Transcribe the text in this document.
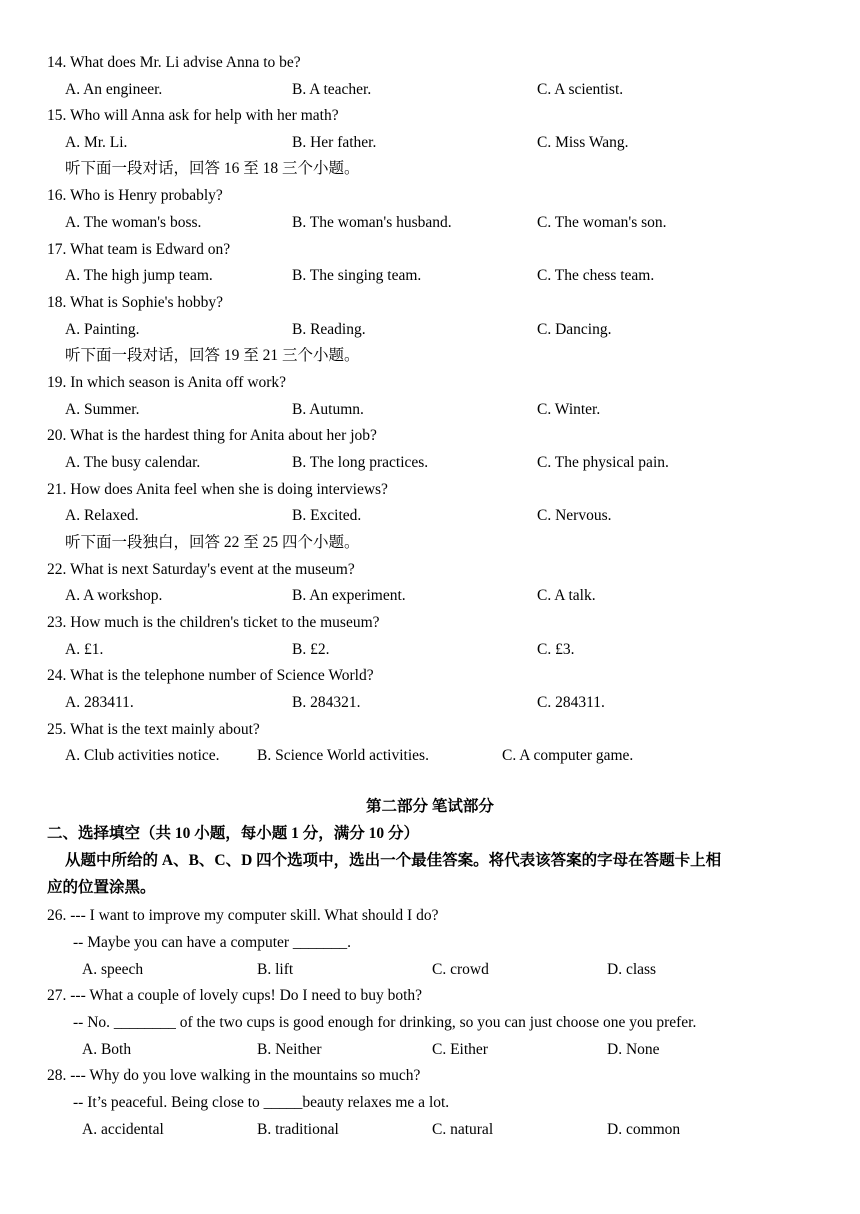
14. What does Mr. Li advise Anna to be?
A. An engineer.	B. A teacher.	C. A scientist.
15. Who will Anna ask for help with her math?
A. Mr. Li.	B. Her father.	C. Miss Wang.
听下面一段对话，回答 16 至 18 三个小题。
16. Who is Henry probably?
A. The woman's boss.	B. The woman's husband.	C. The woman's son.
17. What team is Edward on?
A. The high jump team.	B. The singing team.	C. The chess team.
18. What is Sophie's hobby?
A. Painting.	B. Reading.	C. Dancing.
听下面一段对话，回答 19 至 21 三个小题。
19. In which season is Anita off work?
A. Summer.	B. Autumn.	C. Winter.
20. What is the hardest thing for Anita about her job?
A. The busy calendar.	B. The long practices.	C. The physical pain.
21. How does Anita feel when she is doing interviews?
A. Relaxed.	B. Excited.	C. Nervous.
听下面一段独白，回答 22 至 25 四个小题。
22. What is next Saturday's event at the museum?
A. A workshop.	B. An experiment.	C. A talk.
23. How much is the children's ticket to the museum?
A. £1.	B. £2.	C. £3.
24. What is the telephone number of Science World?
A. 283411.	B. 284321.	C. 284311.
25. What is the text mainly about?
A. Club activities notice. B. Science World activities.	C. A computer game.
第二部分 笔试部分
二、选择填空（共 10 小题，每小题 1 分，满分 10 分）
从题中所给的 A、B、C、D 四个选项中，选出一个最佳答案。将代表该答案的字母在答题卡上相
应的位置涂黑。
26. --- I want to improve my computer skill. What should I do?
-- Maybe you can have a computer _______.
A. speech	B. lift	C. crowd	D. class
27. --- What a couple of lovely cups! Do I need to buy both?
-- No. ________ of the two cups is good enough for drinking, so you can just choose one you prefer.
A. Both	B. Neither	C. Either	D. None
28. --- Why do you love walking in the mountains so much?
-- It’s peaceful. Being close to _____beauty relaxes me a lot.
A. accidental	B. traditional	C. natural	D. common
